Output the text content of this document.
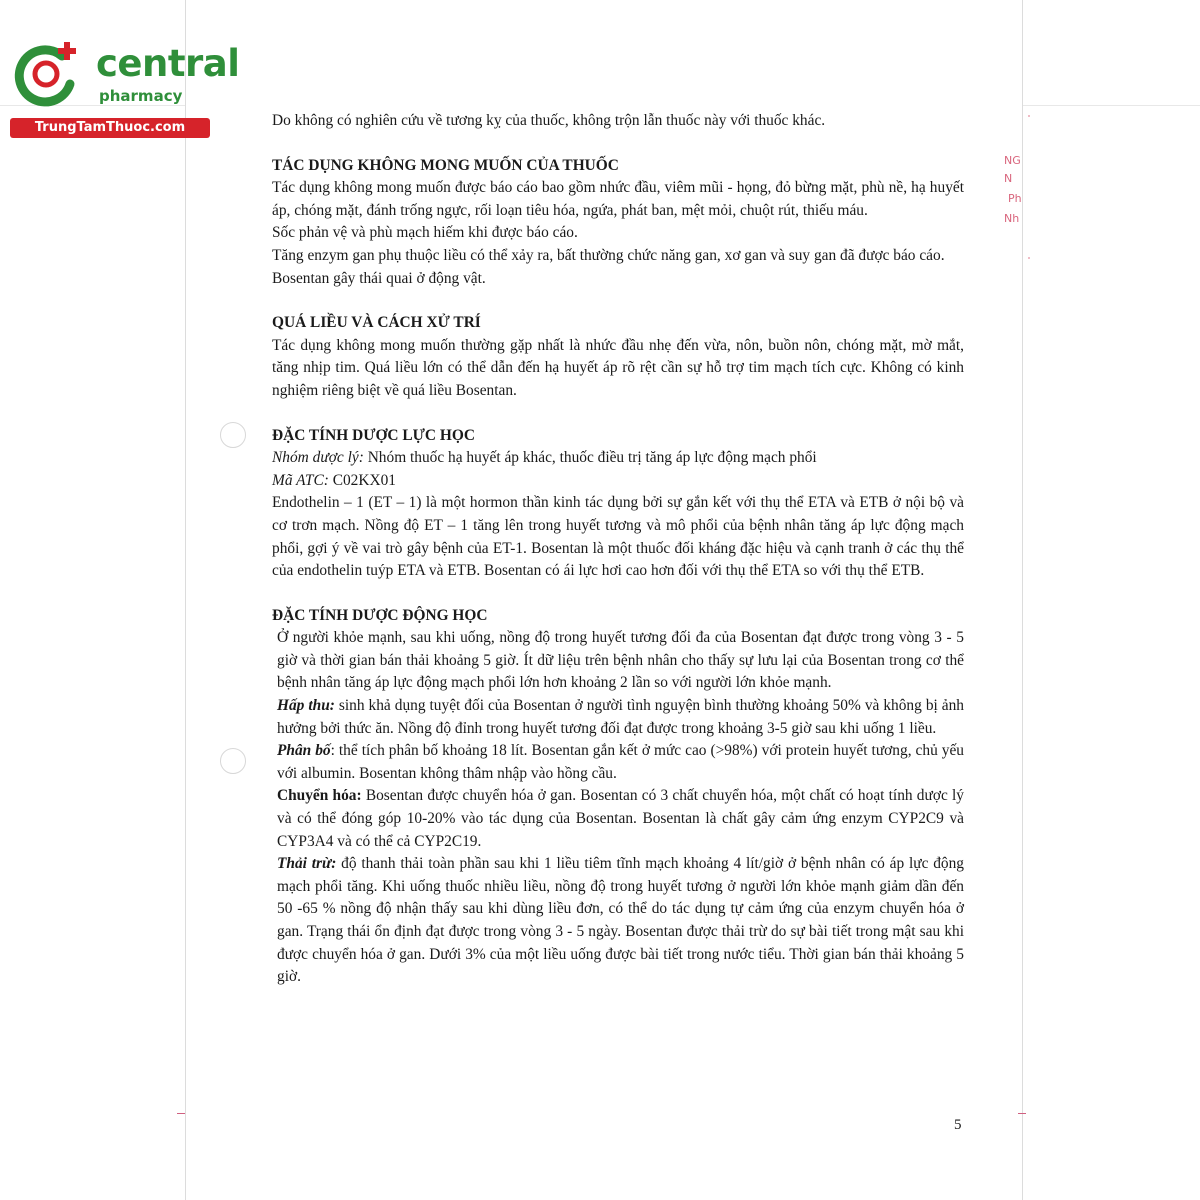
central
pharmacy
TrungTamThuoc.com
NG
N
Ph
Nh

Do không có nghiên cứu về tương kỵ của thuốc, không trộn lẫn thuốc này với thuốc khác.

TÁC DỤNG KHÔNG MONG MUỐN CỦA THUỐC

Tác dụng không mong muốn được báo cáo bao gồm nhức đầu, viêm mũi - họng, đỏ bừng mặt, phù nề, hạ huyết áp, chóng mặt, đánh trống ngực, rối loạn tiêu hóa, ngứa, phát ban, mệt mỏi, chuột rút, thiếu máu.

Sốc phản vệ và phù mạch hiếm khi được báo cáo.

Tăng enzym gan phụ thuộc liều có thể xảy ra, bất thường chức năng gan, xơ gan và suy gan đã được báo cáo.

Bosentan gây thái quai ở động vật.

QUÁ LIỀU VÀ CÁCH XỬ TRÍ

Tác dụng không mong muốn thường gặp nhất là nhức đầu nhẹ đến vừa, nôn, buồn nôn, chóng mặt, mờ mắt, tăng nhịp tim. Quá liều lớn có thể dẫn đến hạ huyết áp rõ rệt cần sự hỗ trợ tim mạch tích cực. Không có kinh nghiệm riêng biệt về quá liều Bosentan.

ĐẶC TÍNH DƯỢC LỰC HỌC

Nhóm dược lý: Nhóm thuốc hạ huyết áp khác, thuốc điều trị tăng áp lực động mạch phổi

Mã ATC: C02KX01

Endothelin – 1 (ET – 1) là một hormon thần kinh tác dụng bởi sự gắn kết với thụ thể ETA và ETB ở nội bộ và cơ trơn mạch. Nồng độ ET – 1 tăng lên trong huyết tương và mô phổi của bệnh nhân tăng áp lực động mạch phổi, gợi ý về vai trò gây bệnh của ET-1. Bosentan là một thuốc đối kháng đặc hiệu và cạnh tranh ở các thụ thể của endothelin tuýp ETA và ETB. Bosentan có ái lực hơi cao hơn đối với thụ thể ETA so với thụ thể ETB.

ĐẶC TÍNH DƯỢC ĐỘNG HỌC

Ở người khỏe mạnh, sau khi uống, nồng độ trong huyết tương đối đa của Bosentan đạt được trong vòng 3 - 5 giờ và thời gian bán thải khoảng 5 giờ. Ít dữ liệu trên bệnh nhân cho thấy sự lưu lại của Bosentan trong cơ thể bệnh nhân tăng áp lực động mạch phổi lớn hơn khoảng 2 lần so với người lớn khỏe mạnh.

Hấp thu: sinh khả dụng tuyệt đối của Bosentan ở người tình nguyện bình thường khoảng 50% và không bị ảnh hưởng bởi thức ăn. Nồng độ đỉnh trong huyết tương đối đạt được trong khoảng 3-5 giờ sau khi uống 1 liều.

Phân bố: thể tích phân bố khoảng 18 lít. Bosentan gắn kết ở mức cao (>98%) với protein huyết tương, chủ yếu với albumin. Bosentan không thâm nhập vào hồng cầu.

Chuyển hóa: Bosentan được chuyển hóa ở gan. Bosentan có 3 chất chuyển hóa, một chất có hoạt tính dược lý và có thể đóng góp 10-20% vào tác dụng của Bosentan. Bosentan là chất gây cảm ứng enzym CYP2C9 và CYP3A4 và có thể cả CYP2C19.

Thải trừ: độ thanh thải toàn phần sau khi 1 liều tiêm tĩnh mạch khoảng 4 lít/giờ ở bệnh nhân có áp lực động mạch phổi tăng. Khi uống thuốc nhiều liều, nồng độ trong huyết tương ở người lớn khỏe mạnh giảm dần đến 50 -65 % nồng độ nhận thấy sau khi dùng liều đơn, có thể do tác dụng tự cảm ứng của enzym chuyển hóa ở gan. Trạng thái ổn định đạt được trong vòng 3 - 5 ngày. Bosentan được thải trừ do sự bài tiết trong mật sau khi được chuyển hóa ở gan. Dưới 3% của một liều uống được bài tiết trong nước tiểu. Thời gian bán thải khoảng 5 giờ.

5
